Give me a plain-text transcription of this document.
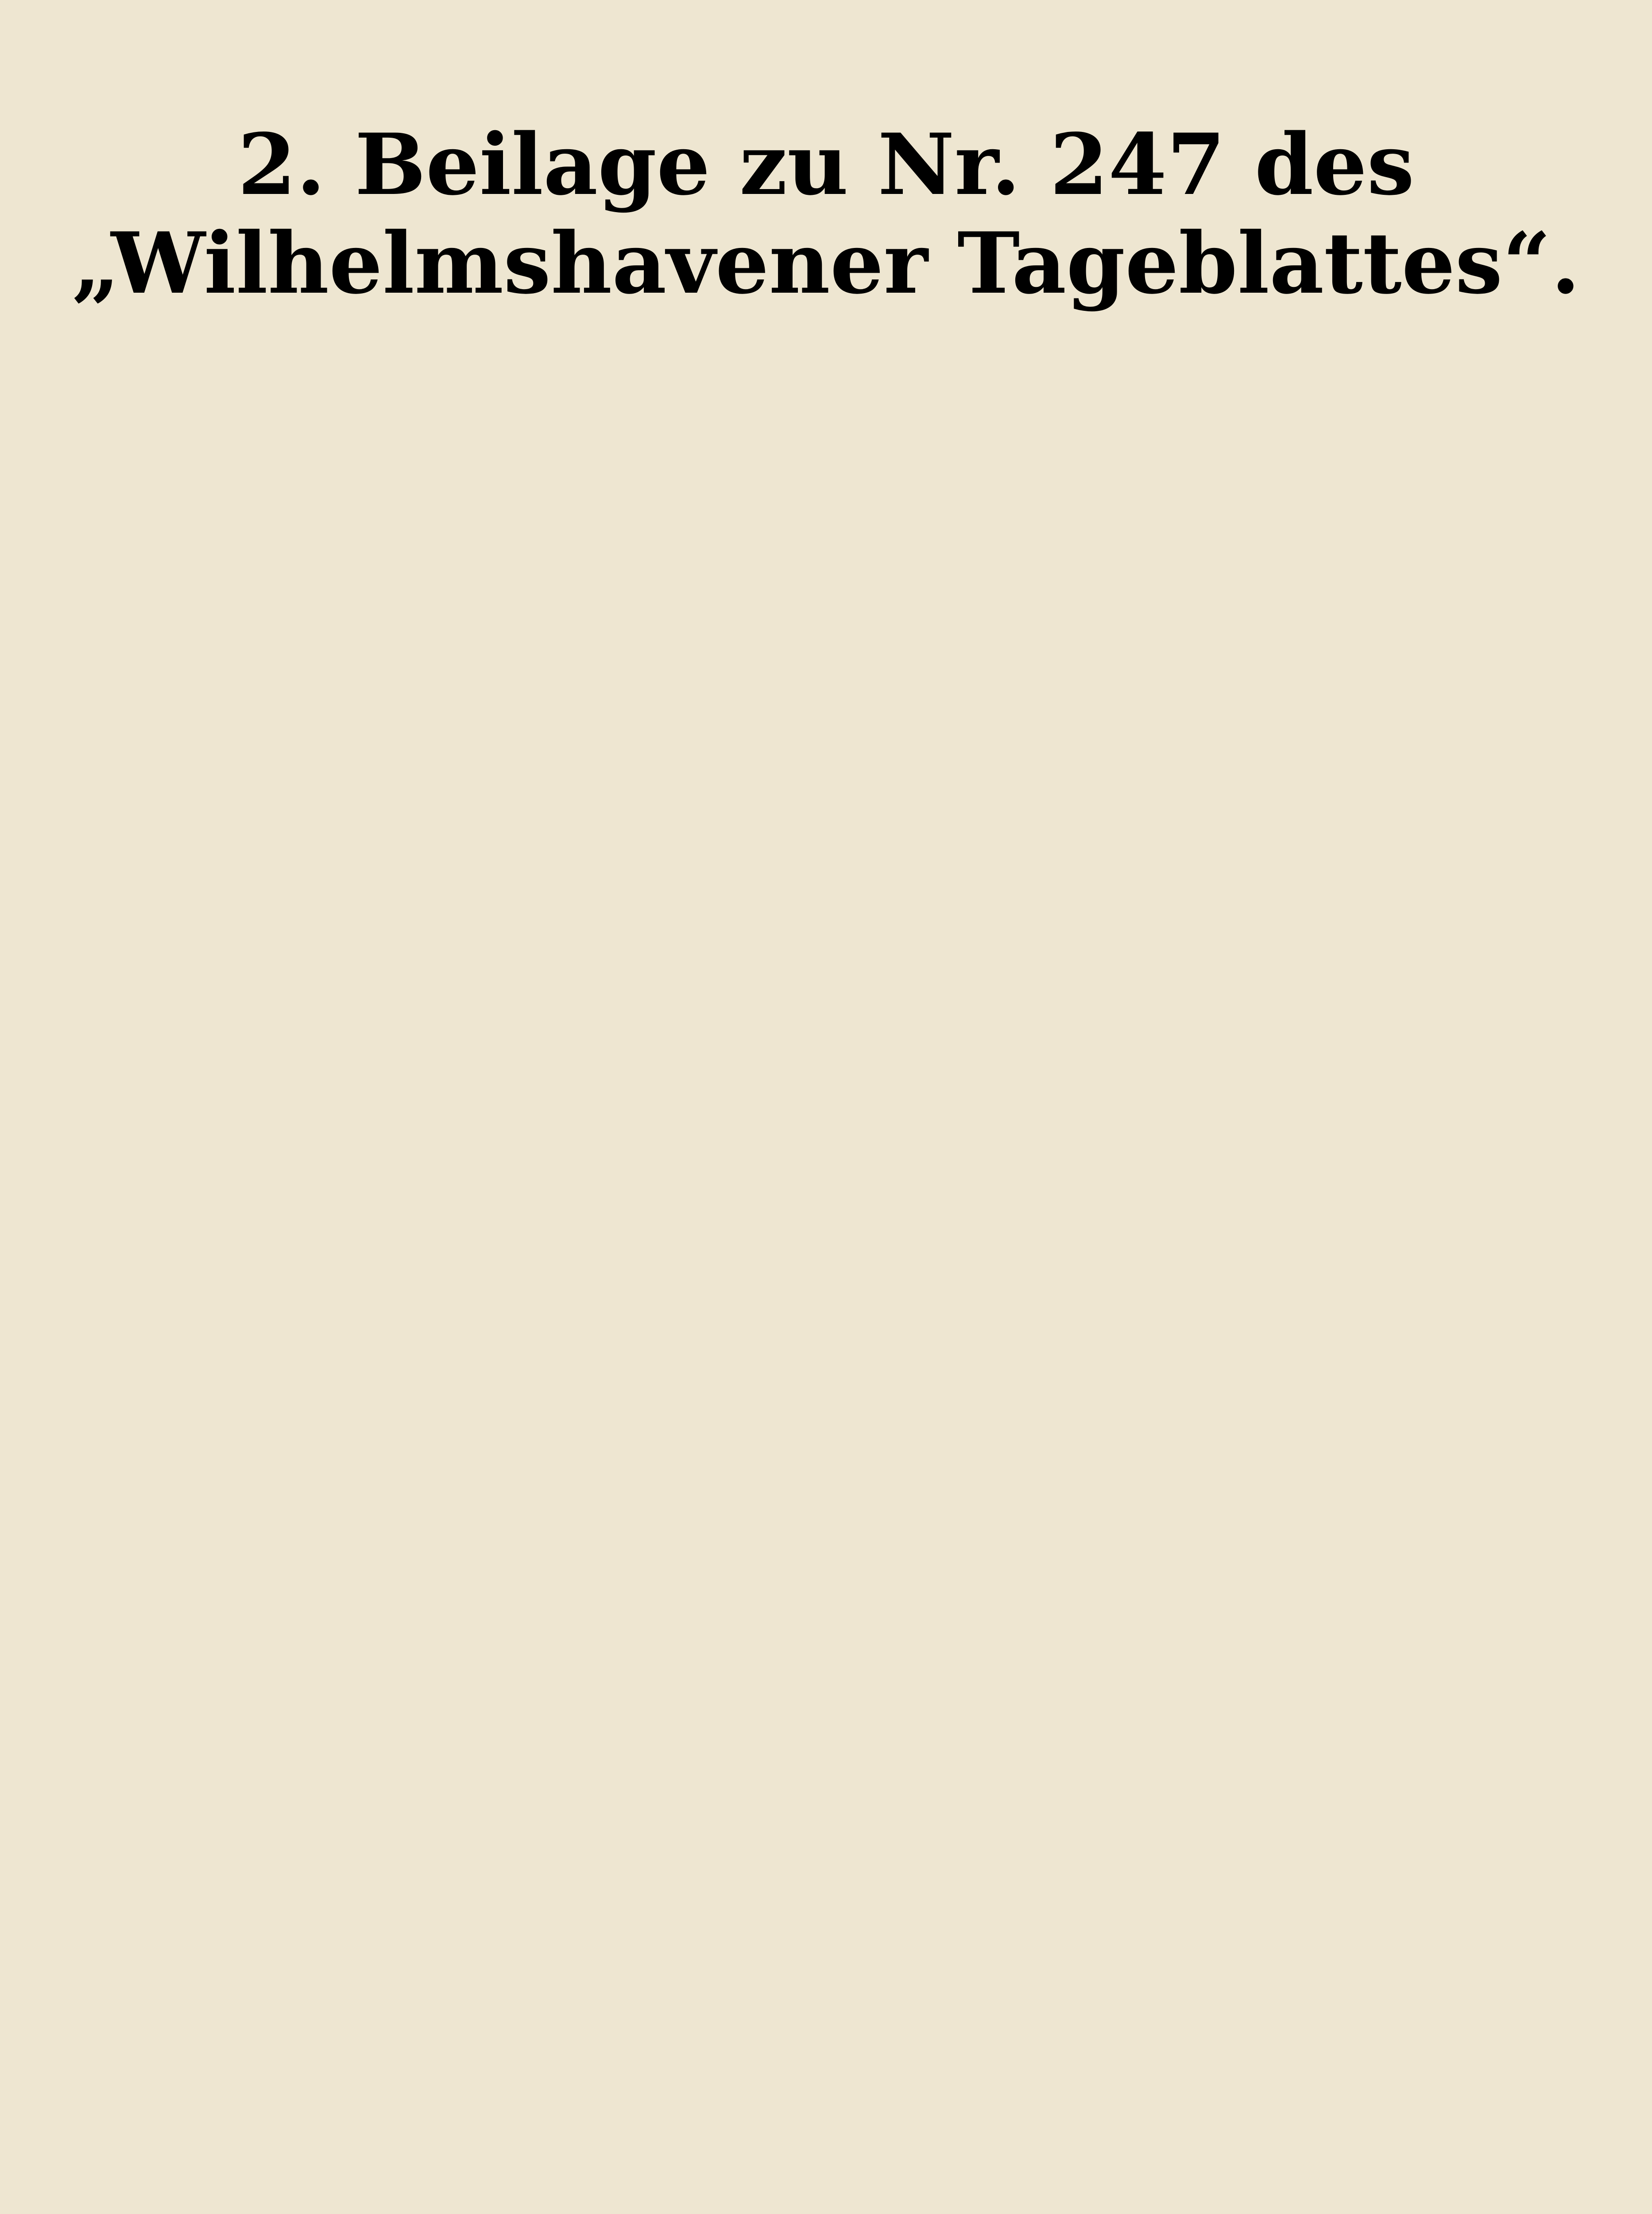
2. Beilage zu Nr. 247 des „Wilhelmshavener Tageblattes“.
